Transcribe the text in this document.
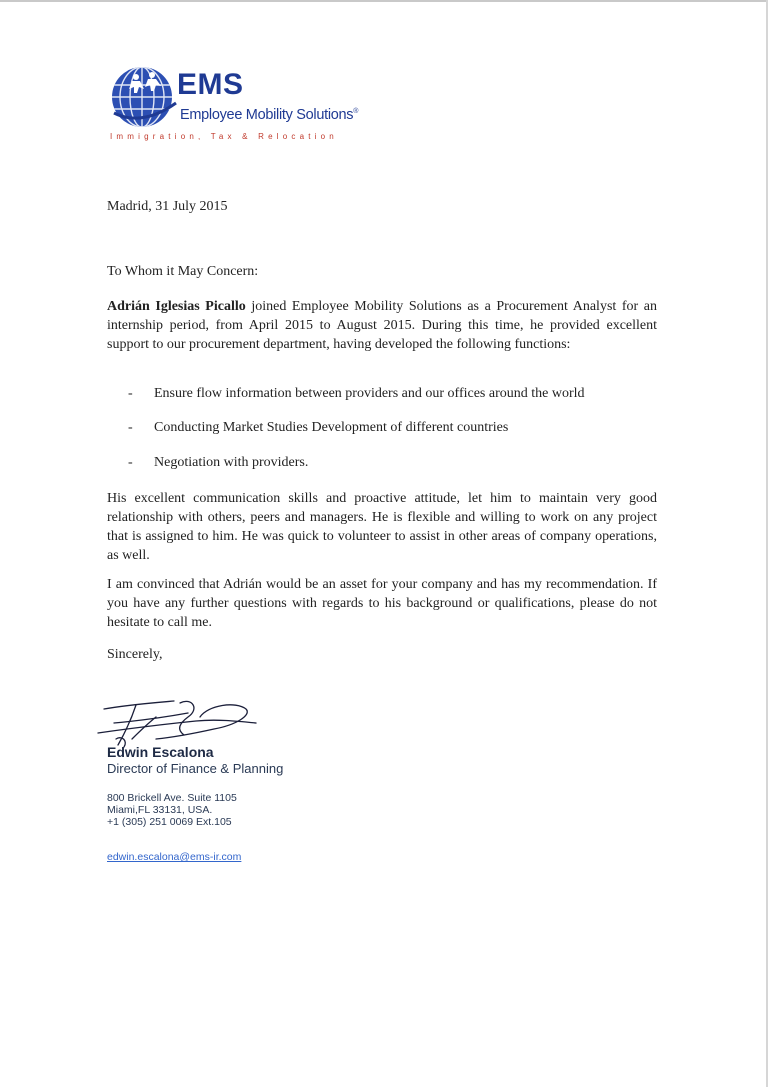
EMS
Employee Mobility Solutions®
Immigration, Tax & Relocation
Madrid, 31 July 2015
To Whom it May Concern:
Adrián Iglesias Picallo joined Employee Mobility Solutions as a Procurement Analyst for an internship period, from April 2015 to August 2015. During this time, he provided excellent support to our procurement department, having developed the following functions:
- Ensure flow information between providers and our offices around the world
- Conducting Market Studies Development of different countries
- Negotiation with providers.
His excellent communication skills and proactive attitude, let him to maintain very good relationship with others, peers and managers. He is flexible and willing to work on any project that is assigned to him. He was quick to volunteer to assist in other areas of company operations, as well.
I am convinced that Adrián would be an asset for your company and has my recommendation. If you have any further questions with regards to his background or qualifications, please do not hesitate to call me.
Sincerely,
Edwin Escalona
Director of Finance & Planning
800 Brickell Ave. Suite 1105
Miami,FL 33131, USA.
+1 (305) 251 0069 Ext.105
edwin.escalona@ems-ir.com
